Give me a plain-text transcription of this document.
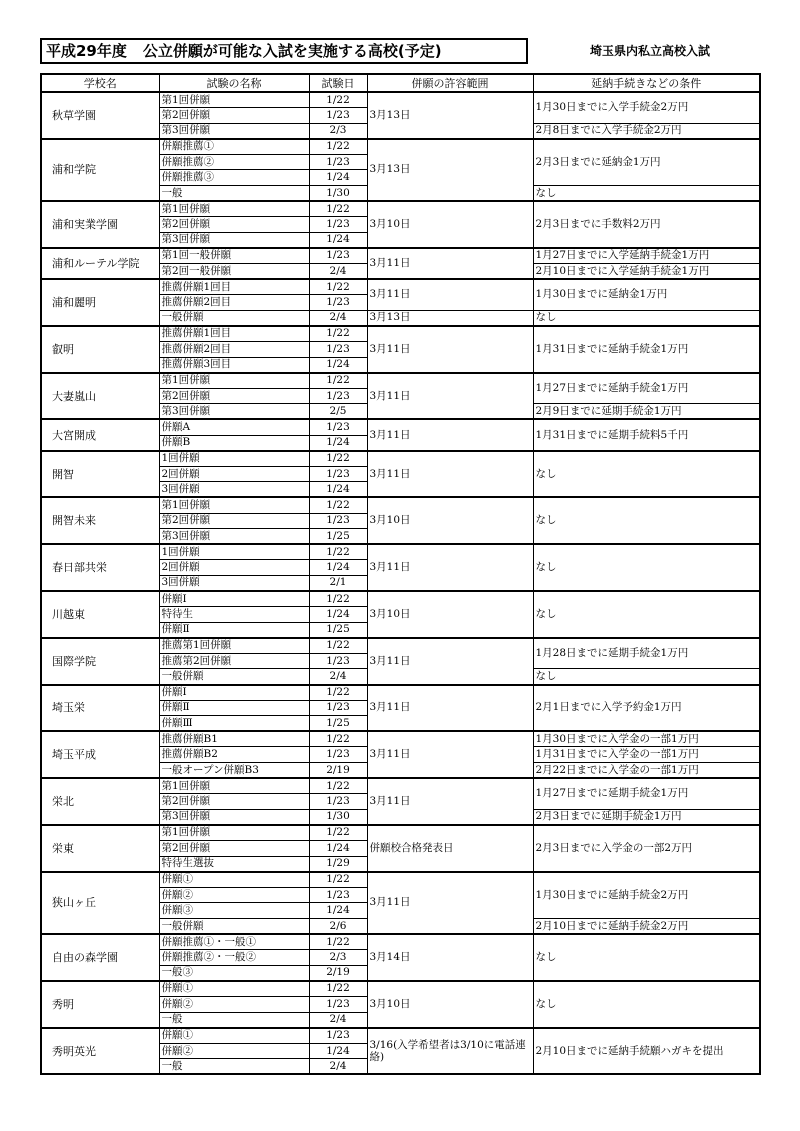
平成29年度 公立併願が可能な入試を実施する高校(予定)	埼玉県内私立高校入試
学校名	試験の名称	試験日	併願の許容範囲	延納手続きなどの条件
秋草学園	第1回併願	1/22	3月13日	1月30日までに入学手続金2万円
	第2回併願	1/23		
	第3回併願	2/3		2月8日までに入学手続金2万円
浦和学院	併願推薦①	1/22	3月13日	2月3日までに延納金1万円
	併願推薦②	1/23		
	併願推薦③	1/24		
	一般	1/30		なし
浦和実業学園	第1回併願	1/22	3月10日	2月3日までに手数料2万円
	第2回併願	1/23		
	第3回併願	1/24		
浦和ルーテル学院	第1回一般併願	1/23	3月11日	1月27日までに入学延納手続金1万円
	第2回一般併願	2/4		2月10日までに入学延納手続金1万円
浦和麗明	推薦併願1回目	1/22	3月11日	1月30日までに延納金1万円
	推薦併願2回目	1/23		
	一般併願	2/4	3月13日	なし
叡明	推薦併願1回目	1/22	3月11日	1月31日までに延納手続金1万円
	推薦併願2回目	1/23		
	推薦併願3回目	1/24		
大妻嵐山	第1回併願	1/22	3月11日	1月27日までに延納手続金1万円
	第2回併願	1/23		
	第3回併願	2/5		2月9日までに延期手続金1万円
大宮開成	併願A	1/23	3月11日	1月31日までに延期手続料5千円
	併願B	1/24		
開智	1回併願	1/22	3月11日	なし
	2回併願	1/23		
	3回併願	1/24		
開智未来	第1回併願	1/22	3月10日	なし
	第2回併願	1/23		
	第3回併願	1/25		
春日部共栄	1回併願	1/22	3月11日	なし
	2回併願	1/24		
	3回併願	2/1		
川越東	併願Ⅰ	1/22	3月10日	なし
	特待生	1/24		
	併願Ⅱ	1/25		
国際学院	推薦第1回併願	1/22	3月11日	1月28日までに延期手続金1万円
	推薦第2回併願	1/23		
	一般併願	2/4		なし
埼玉栄	併願Ⅰ	1/22	3月11日	2月1日までに入学予約金1万円
	併願Ⅱ	1/23		
	併願Ⅲ	1/25		
埼玉平成	推薦併願B1	1/22	3月11日	1月30日までに入学金の一部1万円
	推薦併願B2	1/23		1月31日までに入学金の一部1万円
	一般オープン併願B3	2/19		2月22日までに入学金の一部1万円
栄北	第1回併願	1/22	3月11日	1月27日までに延期手続金1万円
	第2回併願	1/23		
	第3回併願	1/30		2月3日までに延期手続金1万円
栄東	第1回併願	1/22	併願校合格発表日	2月3日までに入学金の一部2万円
	第2回併願	1/24		
	特待生選抜	1/29		
狭山ヶ丘	併願①	1/22	3月11日	1月30日までに延納手続金2万円
	併願②	1/23		
	併願③	1/24		
	一般併願	2/6		2月10日までに延納手続金2万円
自由の森学園	併願推薦①・一般①	1/22	3月14日	なし
	併願推薦②・一般②	2/3		
	一般③	2/19		
秀明	併願①	1/22	3月10日	なし
	併願②	1/23		
	一般	2/4		
秀明英光	併願①	1/23	3/16(入学希望者は3/10に電話連絡)	2月10日までに延納手続願ハガキを提出
	併願②	1/24		
	一般	2/4		
